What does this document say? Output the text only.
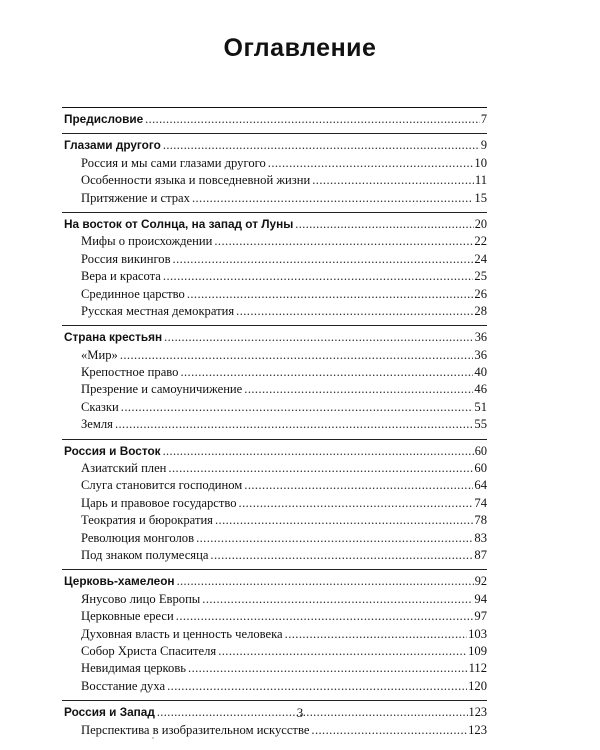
Оглавление
Предисловие .....	7
Глазами другого .....	9
Россия и мы сами глазами другого .....	10
Особенности языка и повседневной жизни .....	11
Притяжение и страх .....	15
На восток от Солнца, на запад от Луны .....	20
Мифы о происхождении .....	22
Россия викингов .....	24
Вера и красота .....	25
Срединное царство .....	26
Русская местная демократия .....	28
Страна крестьян .....	36
«Мир» .....	36
Крепостное право .....	40
Презрение и самоуничижение .....	46
Сказки .....	51
Земля .....	55
Россия и Восток .....	60
Азиатский плен .....	60
Слуга становится господином .....	64
Царь и правовое государство .....	74
Теократия и бюрократия .....	78
Революция монголов .....	83
Под знаком полумесяца .....	87
Церковь-хамелеон .....	92
Янусово лицо Европы .....	94
Церковные ереси .....	97
Духовная власть и ценность человека .....	103
Собор Христа Спасителя .....	109
Невидимая церковь .....	112
Восстание духа .....	120
Россия и Запад .....	123
Перспектива в изобразительном искусстве .....	123
3
